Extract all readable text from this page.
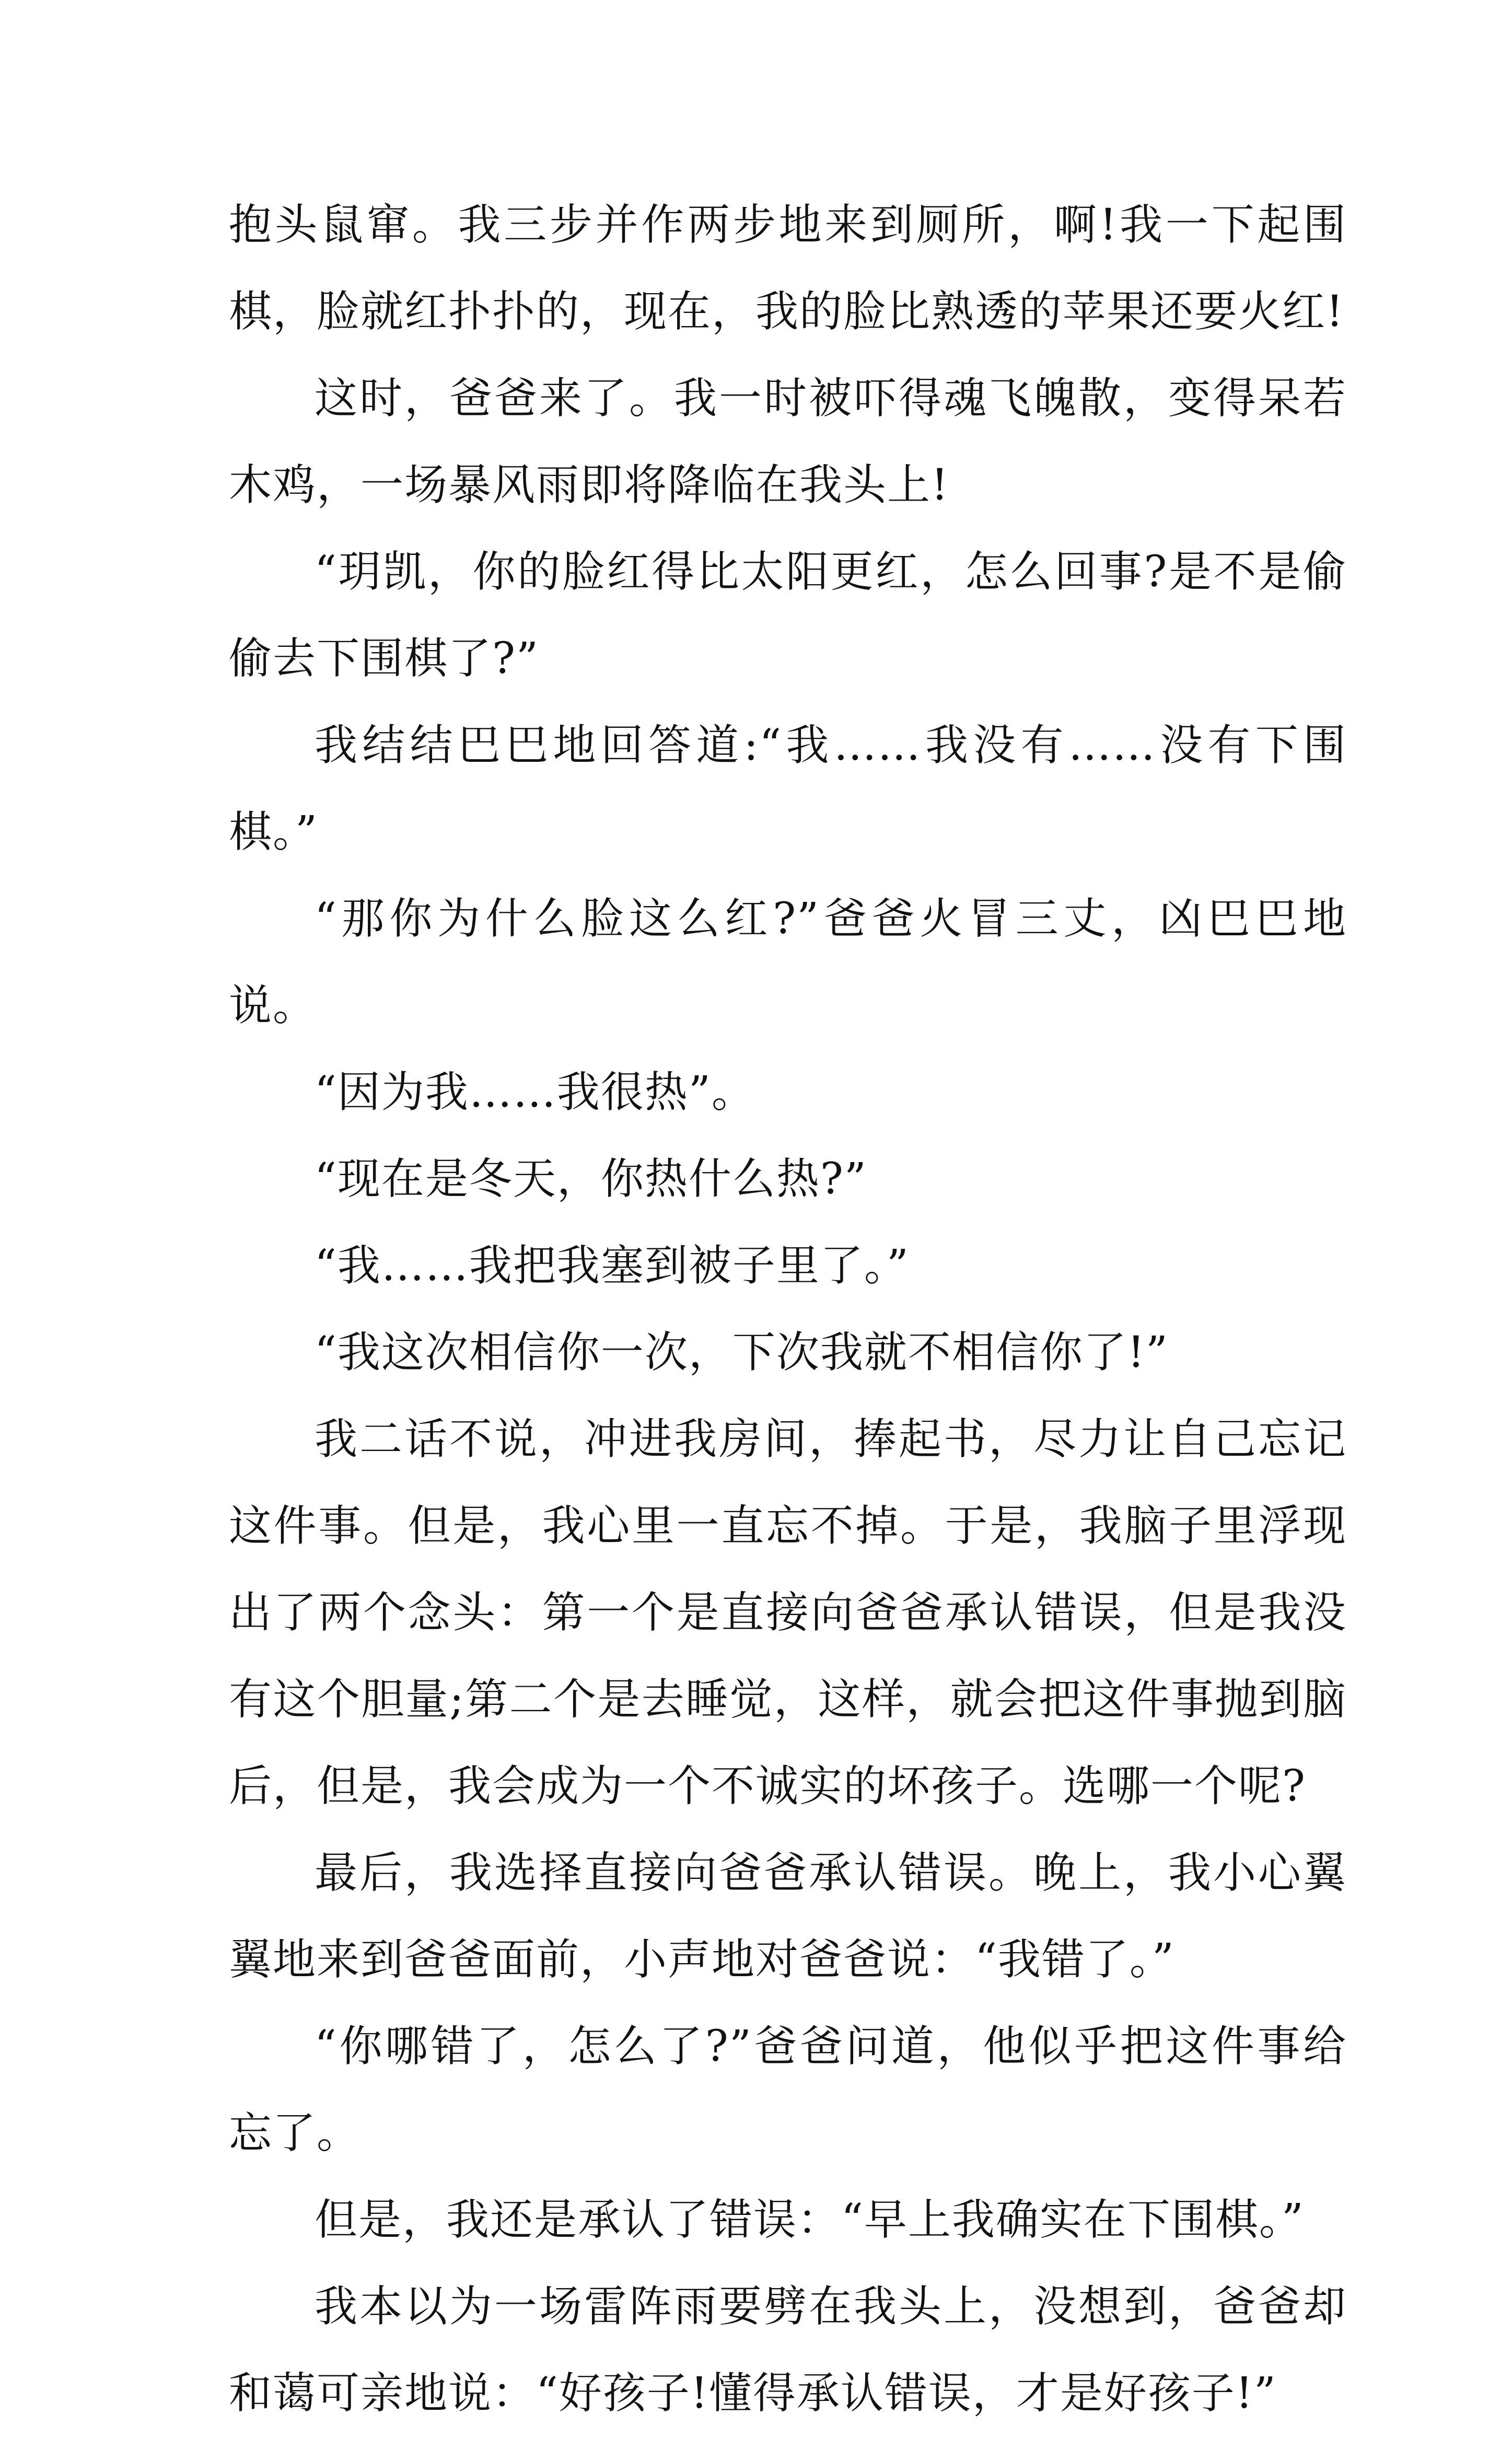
抱头鼠窜。我三步并作两步地来到厕所，啊!我一下起围棋，脸就红扑扑的，现在，我的脸比熟透的苹果还要火红!

这时，爸爸来了。我一时被吓得魂飞魄散，变得呆若木鸡，一场暴风雨即将降临在我头上!

“玥凯，你的脸红得比太阳更红，怎么回事?是不是偷偷去下围棋了?”

我结结巴巴地回答道:“我……我没有……没有下围棋。”

“那你为什么脸这么红?”爸爸火冒三丈，凶巴巴地说。

“因为我……我很热”。

“现在是冬天，你热什么热?”

“我……我把我塞到被子里了。”

“我这次相信你一次，下次我就不相信你了!”

我二话不说，冲进我房间，捧起书，尽力让自己忘记这件事。但是，我心里一直忘不掉。于是，我脑子里浮现出了两个念头：第一个是直接向爸爸承认错误，但是我没有这个胆量;第二个是去睡觉，这样，就会把这件事抛到脑后，但是，我会成为一个不诚实的坏孩子。选哪一个呢?

最后，我选择直接向爸爸承认错误。晚上，我小心翼翼地来到爸爸面前，小声地对爸爸说：“我错了。”

“你哪错了，怎么了?”爸爸问道，他似乎把这件事给忘了。

但是，我还是承认了错误：“早上我确实在下围棋。”

我本以为一场雷阵雨要劈在我头上，没想到，爸爸却和蔼可亲地说：“好孩子!懂得承认错误，才是好孩子!”
